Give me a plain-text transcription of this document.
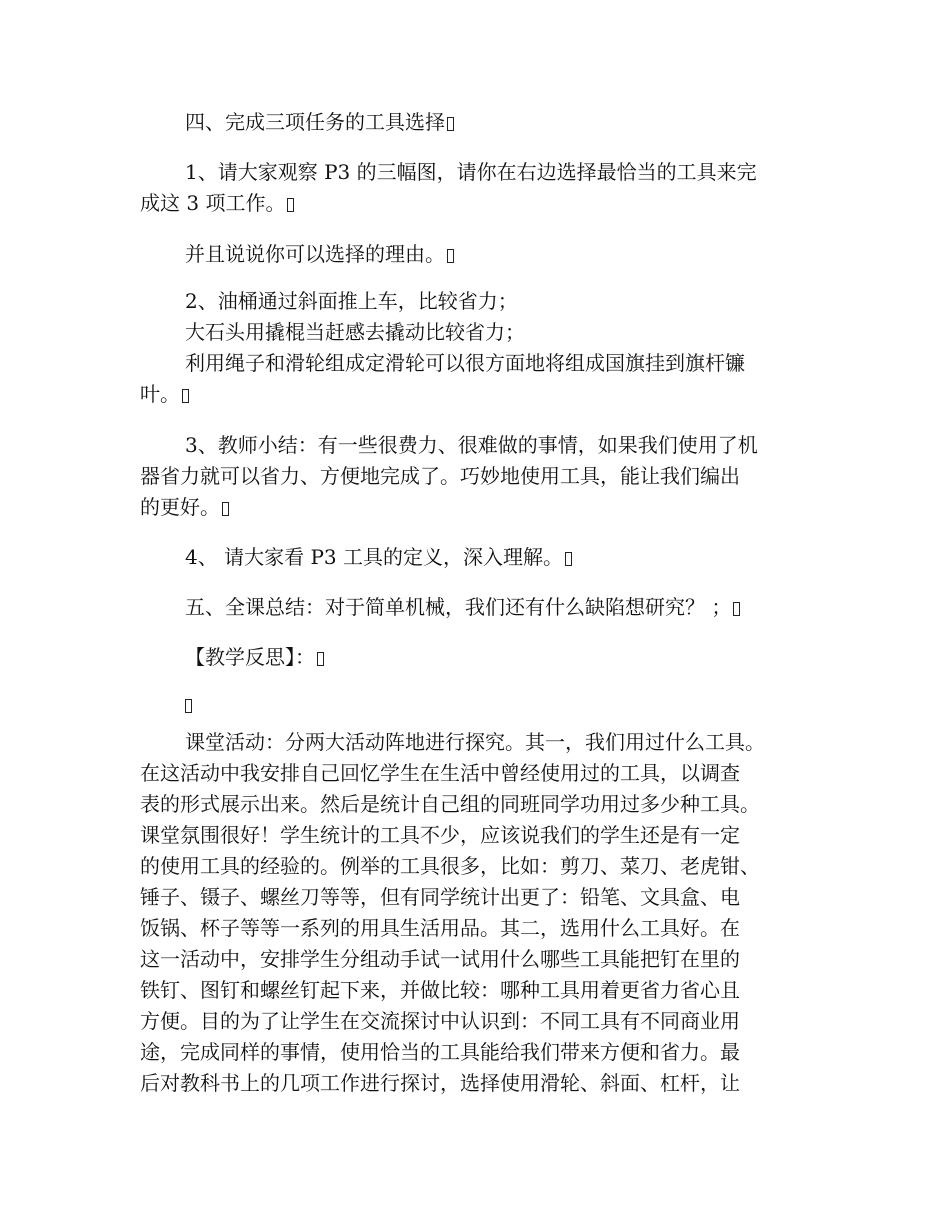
四、完成三项任务的工具选择
1、请大家观察 P3 的三幅图，请你在右边选择最恰当的工具来完
成这 3 项工作。
并且说说你可以选择的理由。
2、油桶通过斜面推上车，比较省力；
大石头用撬棍当赶感去撬动比较省力；
利用绳子和滑轮组成定滑轮可以很方面地将组成国旗挂到旗杆镰
叶。
3、教师小结：有一些很费力、很难做的事情，如果我们使用了机
器省力就可以省力、方便地完成了。巧妙地使用工具，能让我们编出
的更好。
4、 请大家看 P3 工具的定义，深入理解。
五、全课总结：对于简单机械，我们还有什么缺陷想研究？ ；
【教学反思】：
课堂活动：分两大活动阵地进行探究。其一，我们用过什么工具。
在这活动中我安排自己回忆学生在生活中曾经使用过的工具，以调查
表的形式展示出来。然后是统计自己组的同班同学功用过多少种工具。
课堂氛围很好！学生统计的工具不少，应该说我们的学生还是有一定
的使用工具的经验的。例举的工具很多，比如：剪刀、菜刀、老虎钳、
锤子、镊子、螺丝刀等等，但有同学统计出更了：铅笔、文具盒、电
饭锅、杯子等等一系列的用具生活用品。其二，选用什么工具好。在
这一活动中，安排学生分组动手试一试用什么哪些工具能把钉在里的
铁钉、图钉和螺丝钉起下来，并做比较：哪种工具用着更省力省心且
方便。目的为了让学生在交流探讨中认识到：不同工具有不同商业用
途，完成同样的事情，使用恰当的工具能给我们带来方便和省力。最
后对教科书上的几项工作进行探讨，选择使用滑轮、斜面、杠杆，让
